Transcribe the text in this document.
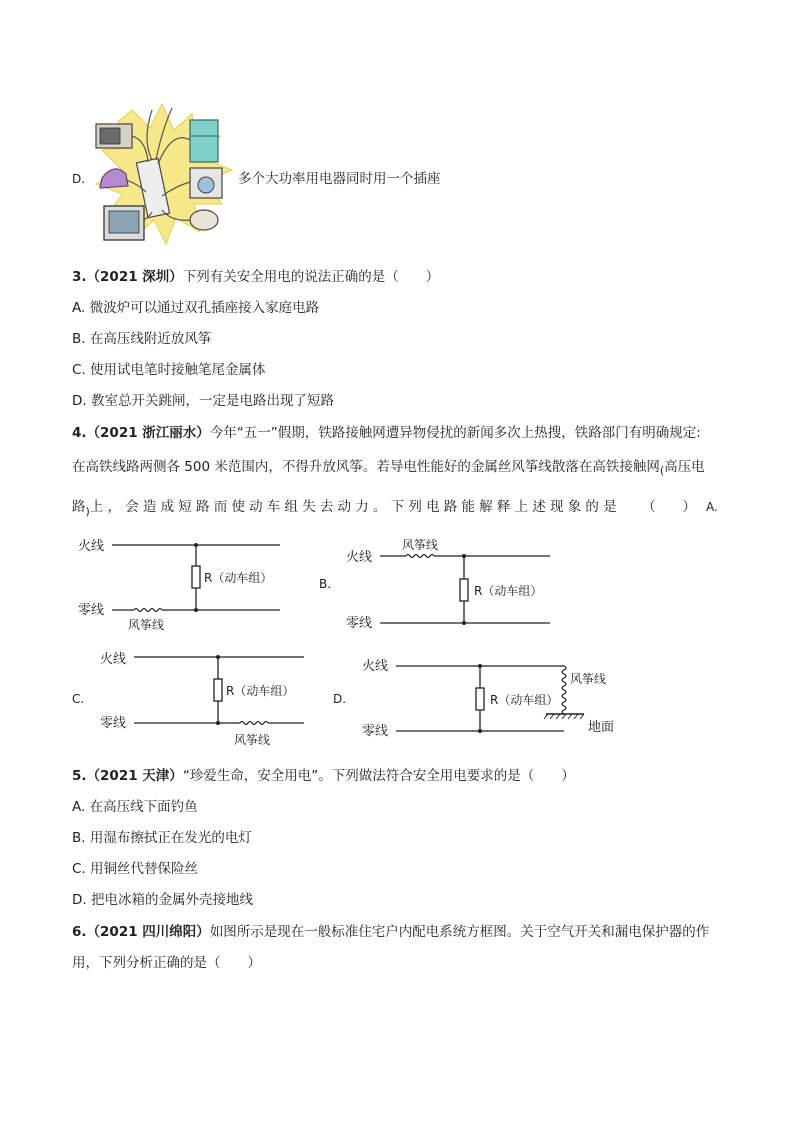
D.	多个大功率用电器同时用一个插座
3.（2021 深圳）下列有关安全用电的说法正确的是（　　）
A. 微波炉可以通过双孔插座接入家庭电路
B. 在高压线附近放风筝
C. 使用试电笔时接触笔尾金属体
D. 教室总开关跳闸，一定是电路出现了短路
4.（2021 浙江丽水）今年“五一”假期，铁路接触网遭异物侵扰的新闻多次上热搜，铁路部门有明确规定:
在高铁线路两侧各 500 米范围内，不得升放风筝。若导电性能好的金属丝风筝线散落在高铁接触网$_($高压电
路$_)$上，会造成短路而使动车组失去动力。下列电路能解释上述现象的是 （　　） A.
火线
零线
R（动车组）
风筝线
B.
火线
风筝线
零线
R（动车组）
C.
火线
零线
R（动车组）
风筝线
D.
火线
风筝线
地面
零线
R（动车组）
5.（2021 天津）“珍爱生命，安全用电”。下列做法符合安全用电要求的是（　　）
A. 在高压线下面钓鱼
B. 用湿布擦拭正在发光的电灯
C. 用铜丝代替保险丝
D. 把电冰箱的金属外壳接地线
6.（2021 四川绵阳）如图所示是现在一般标准住宅户内配电系统方框图。关于空气开关和漏电保护器的作
用，下列分析正确的是（　　）
